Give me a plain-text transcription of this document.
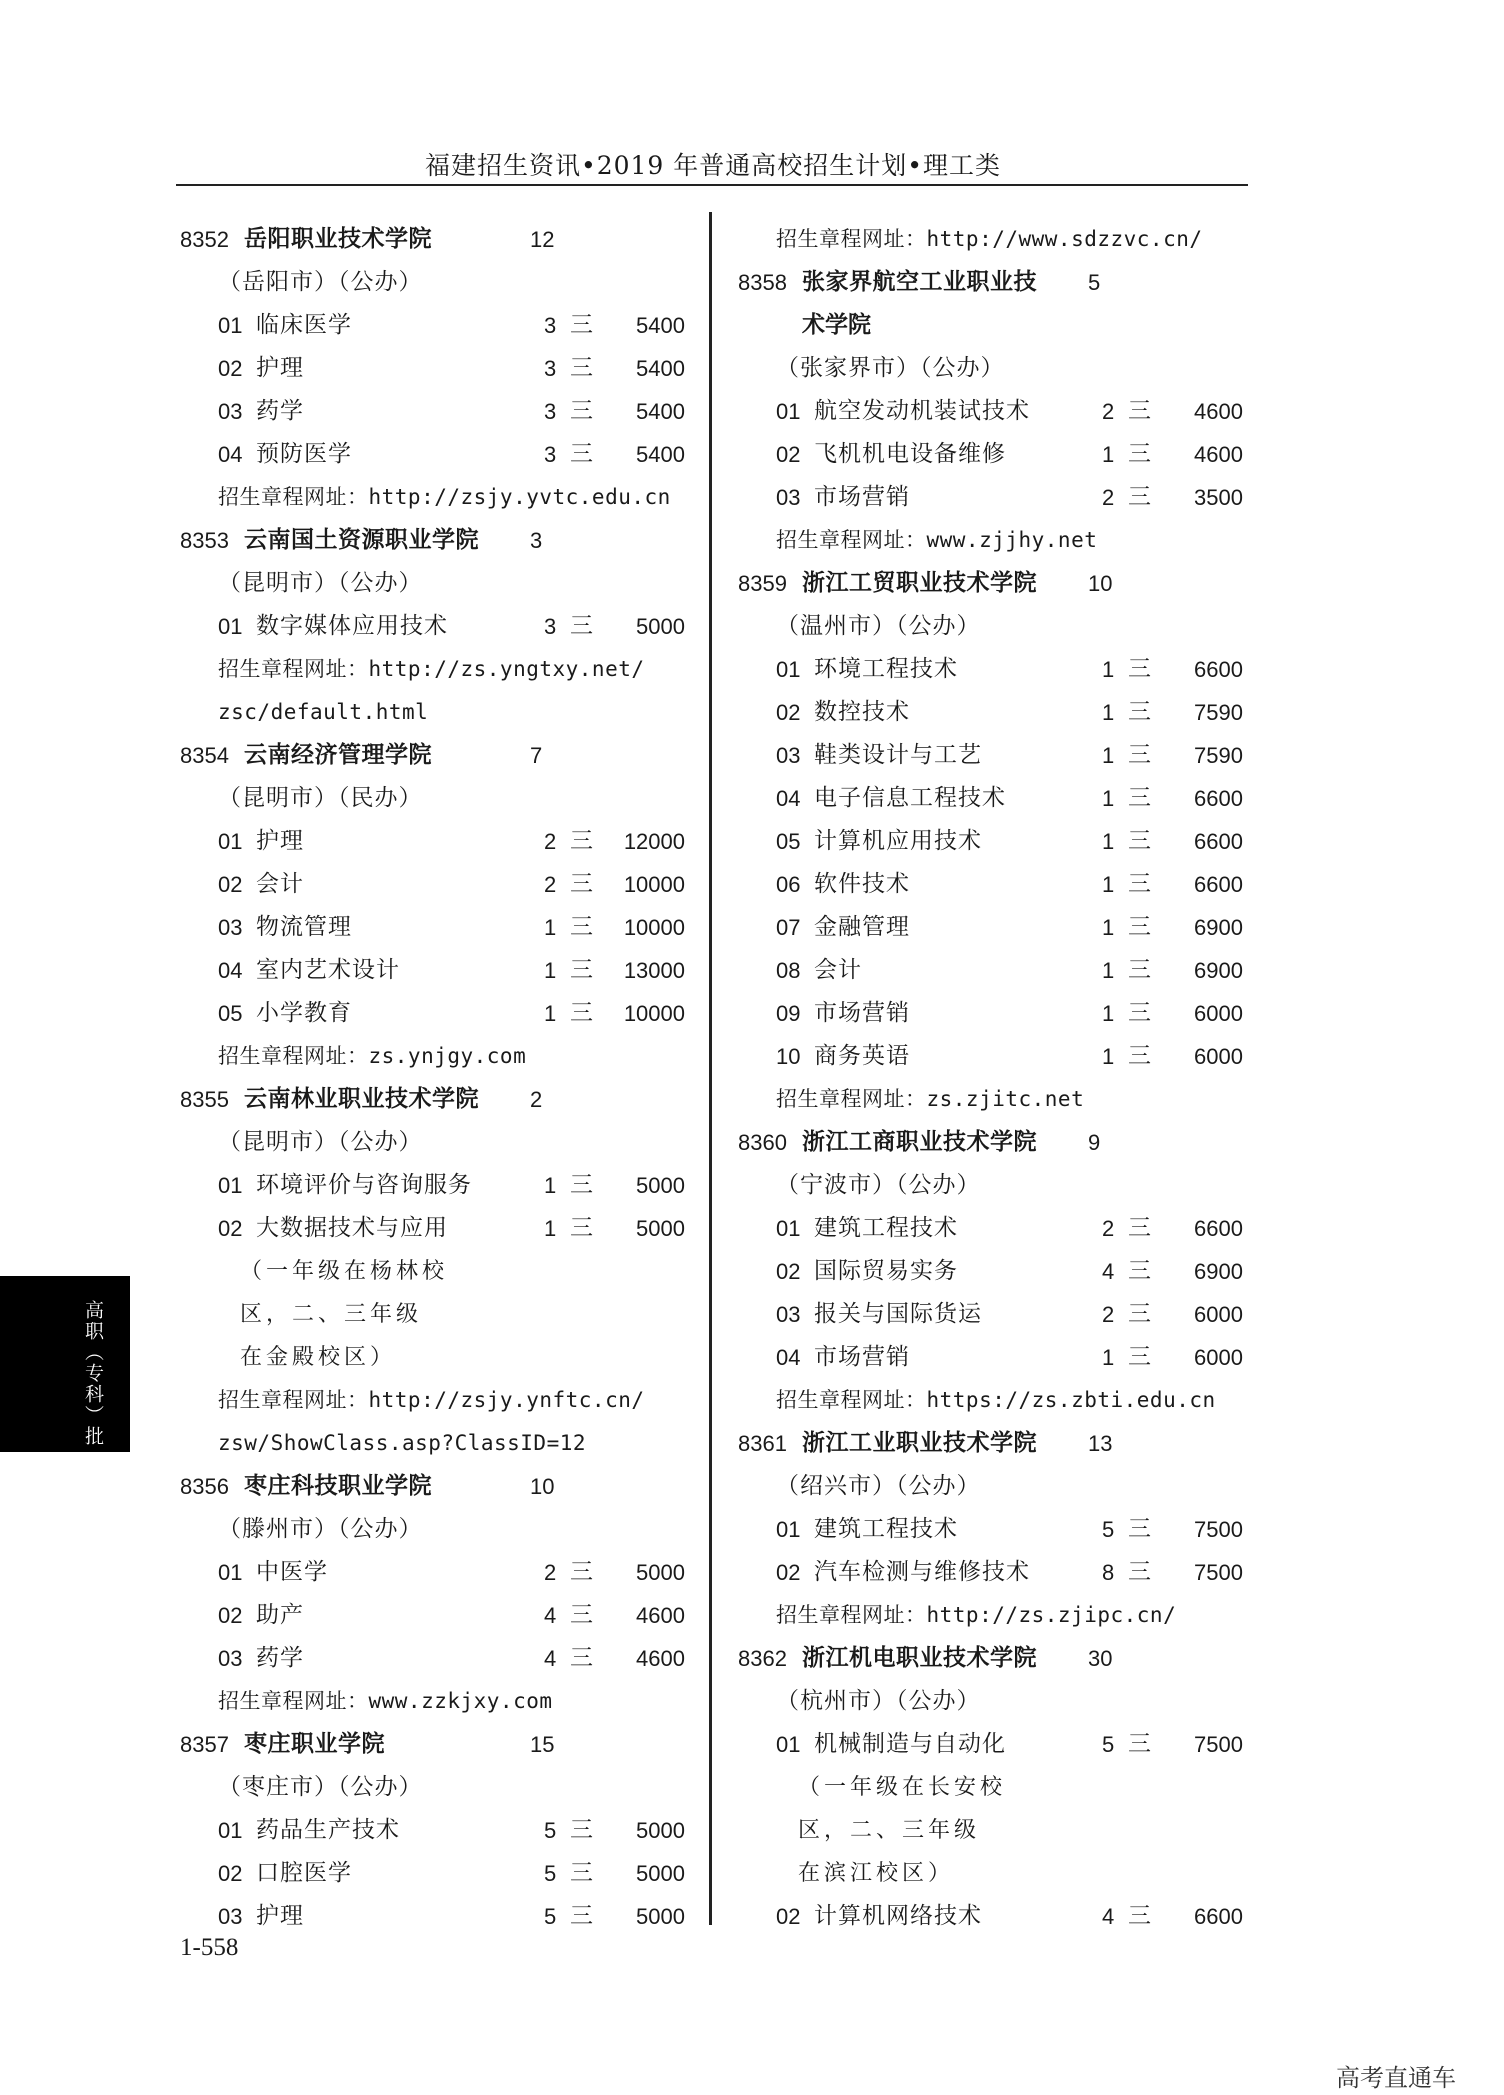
福建招生资讯•2019 年普通高校招生计划•理工类
8352 岳阳职业技术学院	12
（岳阳市）（公办）
01 临床医学	3 三	5400
02 护理	3 三	5400
03 药学	3 三	5400
04 预防医学	3 三	5400
招生章程网址：http://zsjy.yvtc.edu.cn
8353 云南国土资源职业学院 3
（昆明市）（公办）
01 数字媒体应用技术	3 三	5000
招生章程网址：http://zs.yngtxy.net/
zsc/default.html
8354 云南经济管理学院	7
（昆明市）（民办）
01 护理	2 三	12000
02 会计	2 三	10000
03 物流管理	1 三	10000
04 室内艺术设计	1 三	13000
05 小学教育	1 三	10000
招生章程网址：zs.ynjgy.com
8355 云南林业职业技术学院 2
（昆明市）（公办）
01 环境评价与咨询服务	1 三	5000
02 大数据技术与应用	1 三	5000
（一年级在杨林校
区，二、三年级
在金殿校区）
招生章程网址：http://zsjy.ynftc.cn/
zsw/ShowClass.asp?ClassID=12
8356 枣庄科技职业学院	10
（滕州市）（公办）
01 中医学	2 三	5000
02 助产	4 三	4600
03 药学	4 三	4600
招生章程网址：www.zzkjxy.com
8357 枣庄职业学院	15
（枣庄市）（公办）
01 药品生产技术	5 三	5000
02 口腔医学	5 三	5000
03 护理	5 三	5000
招生章程网址：http://www.sdzzvc.cn/
8358 张家界航空工业职业技 5
术学院
（张家界市）（公办）
01 航空发动机装试技术	2 三	4600
02 飞机机电设备维修	1 三	4600
03 市场营销	2 三	3500
招生章程网址：www.zjjhy.net
8359 浙江工贸职业技术学院 10
（温州市）（公办）
01 环境工程技术	1 三	6600
02 数控技术	1 三	7590
03 鞋类设计与工艺	1 三	7590
04 电子信息工程技术	1 三	6600
05 计算机应用技术	1 三	6600
06 软件技术	1 三	6600
07 金融管理	1 三	6900
08 会计	1 三	6900
09 市场营销	1 三	6000
10 商务英语	1 三	6000
招生章程网址：zs.zjitc.net
8360 浙江工商职业技术学院 9
（宁波市）（公办）
01 建筑工程技术	2 三	6600
02 国际贸易实务	4 三	6900
03 报关与国际货运	2 三	6000
04 市场营销	1 三	6000
招生章程网址：https://zs.zbti.edu.cn
8361 浙江工业职业技术学院 13
（绍兴市）（公办）
01 建筑工程技术	5 三	7500
02 汽车检测与维修技术	8 三	7500
招生章程网址：http://zs.zjipc.cn/
8362 浙江机电职业技术学院 30
（杭州市）（公办）
01 机械制造与自动化	5 三	7500
（一年级在长安校
区，二、三年级
在滨江校区）
02 计算机网络技术	4 三	6600
高职（专科）批
1-558
高考直通车
